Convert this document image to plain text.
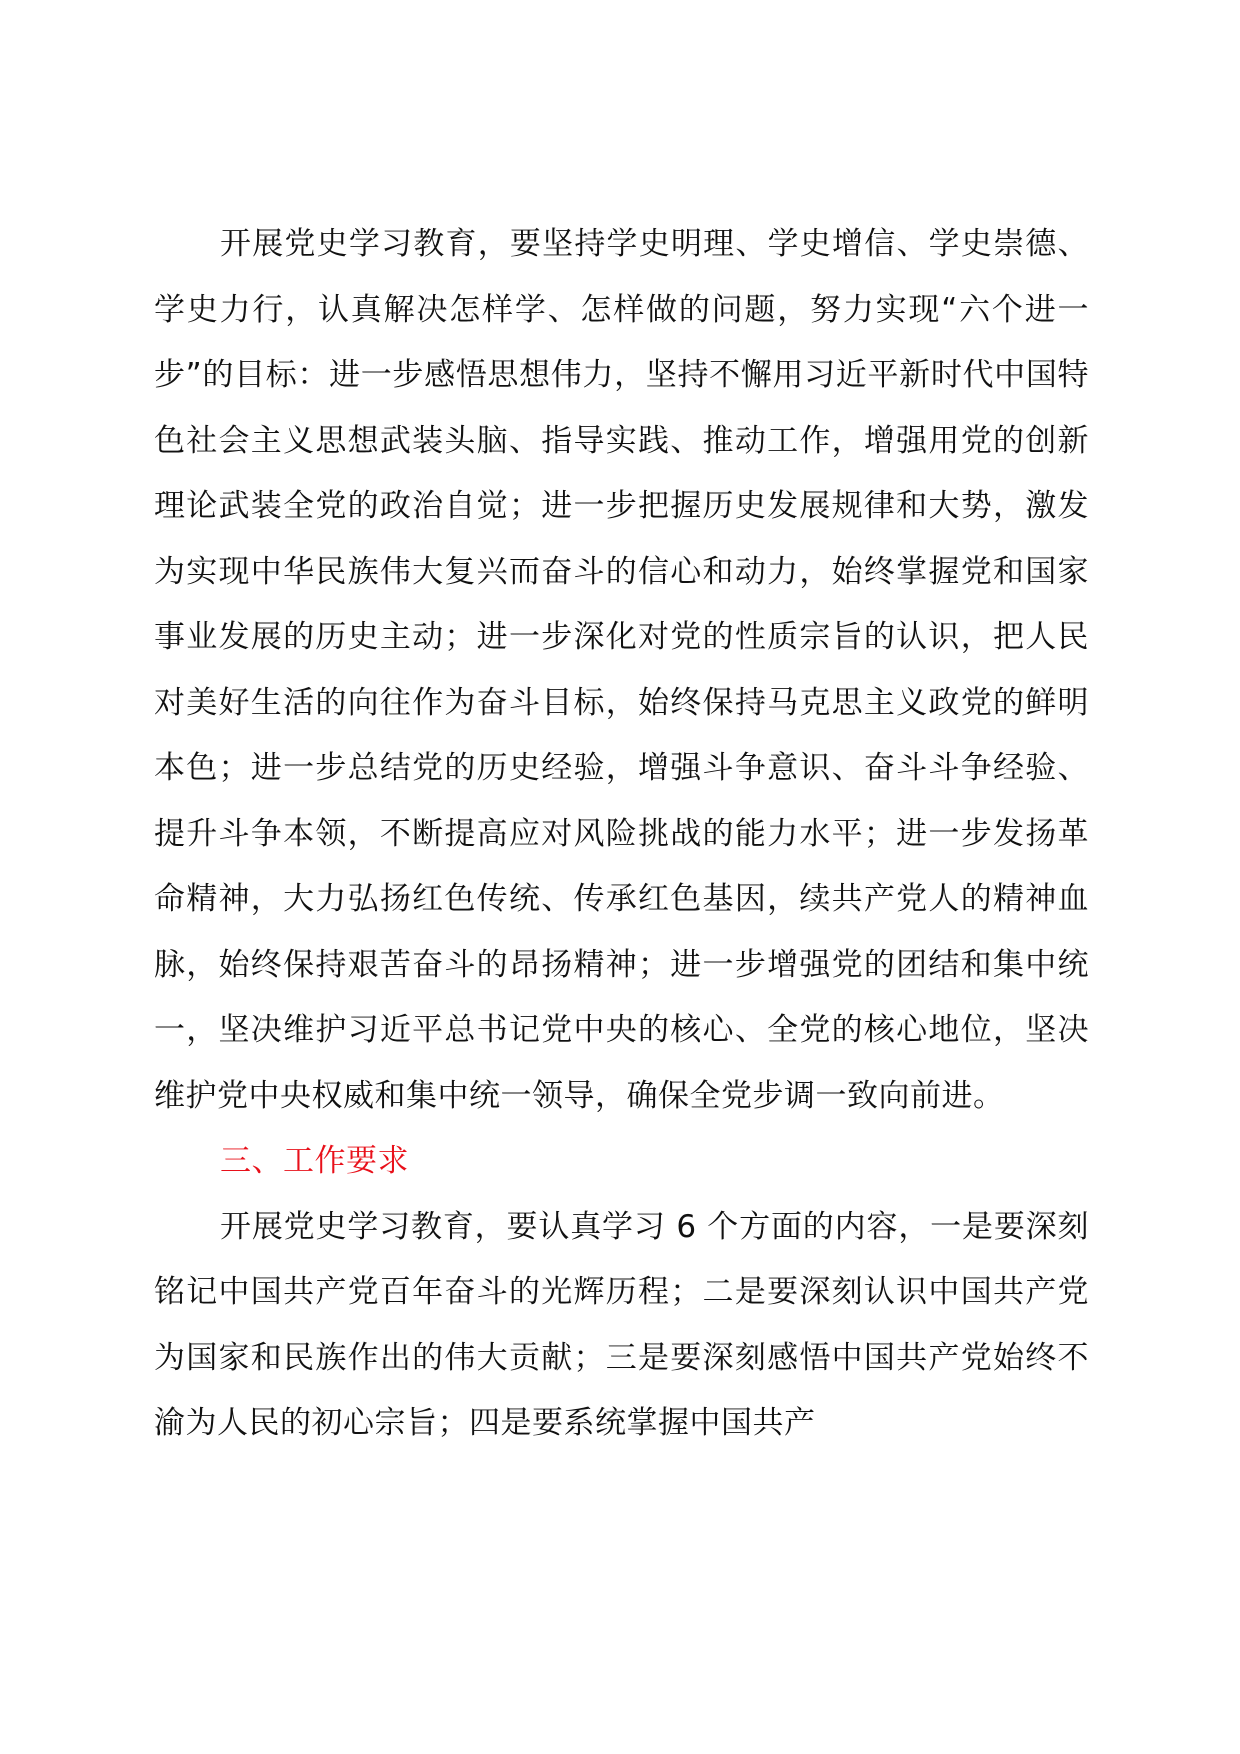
开展党史学习教育，要坚持学史明理、学史增信、学史崇德、学史力行，认真解决怎样学、怎样做的问题，努力实现“六个进一步”的目标：进一步感悟思想伟力，坚持不懈用习近平新时代中国特色社会主义思想武装头脑、指导实践、推动工作，增强用党的创新理论武装全党的政治自觉；进一步把握历史发展规律和大势，激发为实现中华民族伟大复兴而奋斗的信心和动力，始终掌握党和国家事业发展的历史主动；进一步深化对党的性质宗旨的认识，把人民对美好生活的向往作为奋斗目标，始终保持马克思主义政党的鲜明本色；进一步总结党的历史经验，增强斗争意识、奋斗斗争经验、提升斗争本领，不断提高应对风险挑战的能力水平；进一步发扬革命精神，大力弘扬红色传统、传承红色基因，续共产党人的精神血脉，始终保持艰苦奋斗的昂扬精神；进一步增强党的团结和集中统一，坚决维护习近平总书记党中央的核心、全党的核心地位，坚决维护党中央权威和集中统一领导，确保全党步调一致向前进。

三、工作要求

开展党史学习教育，要认真学习 6 个方面的内容，一是要深刻铭记中国共产党百年奋斗的光辉历程；二是要深刻认识中国共产党为国家和民族作出的伟大贡献；三是要深刻感悟中国共产党始终不渝为人民的初心宗旨；四是要系统掌握中国共产
